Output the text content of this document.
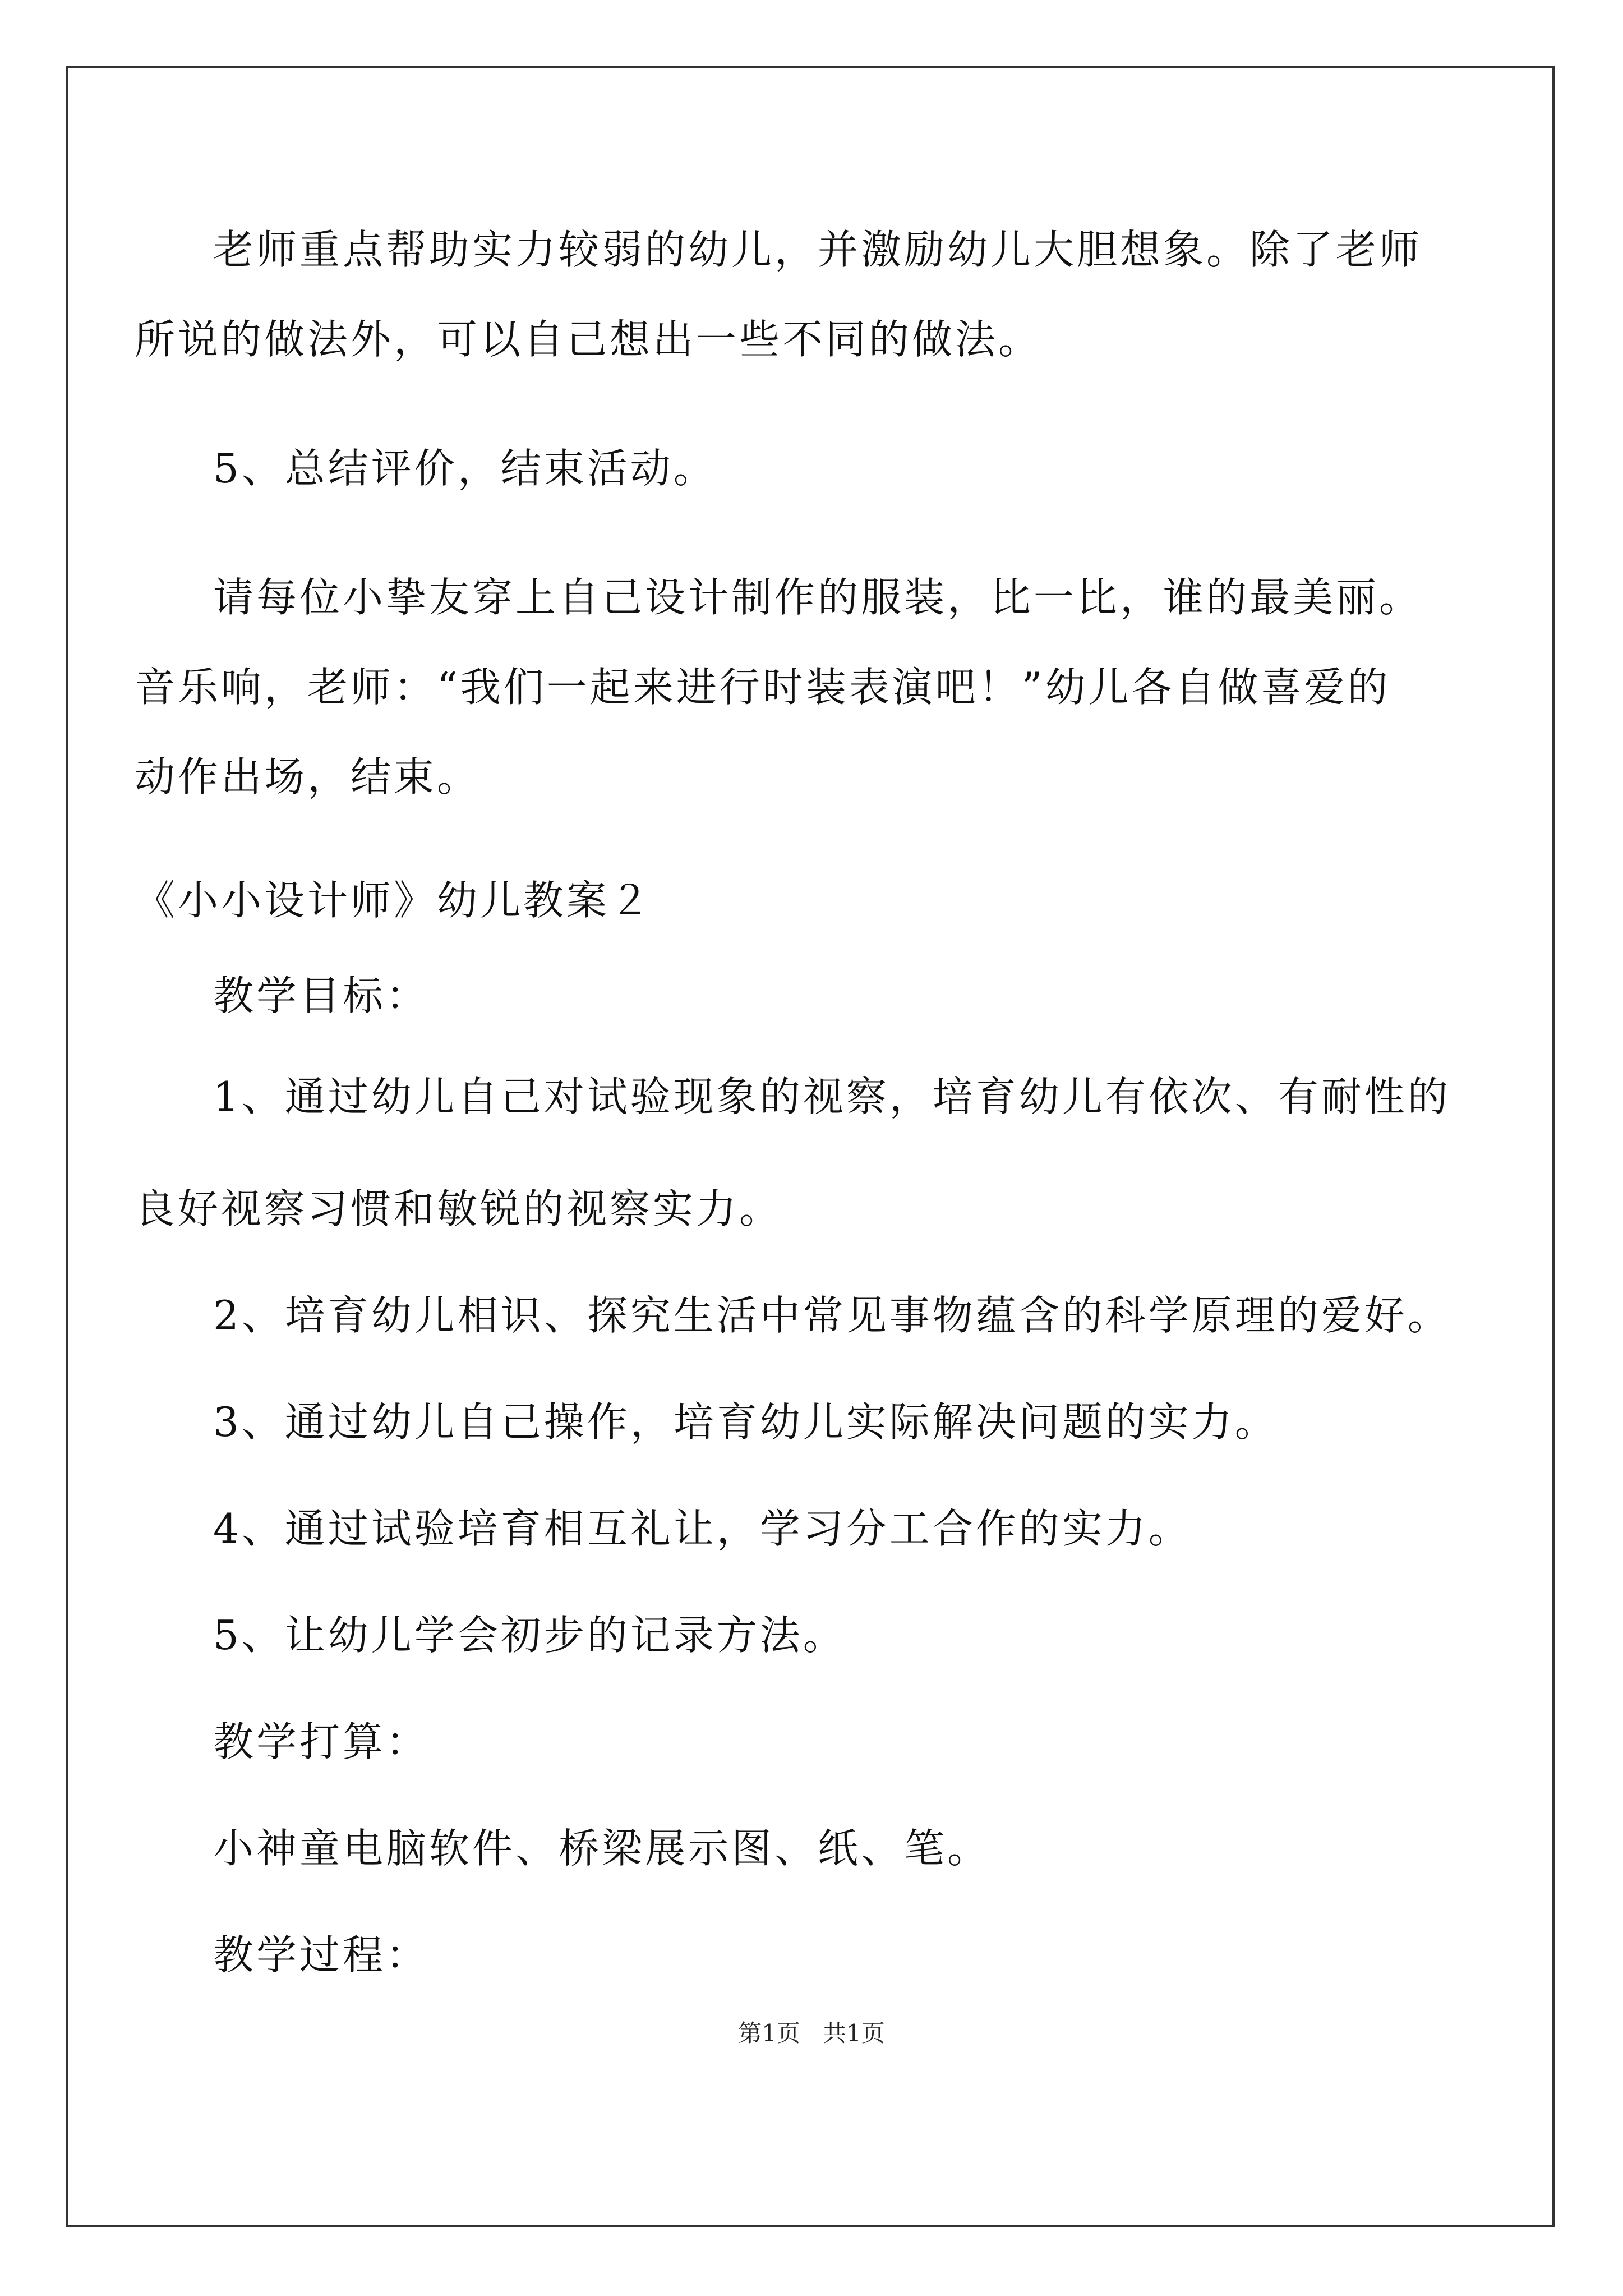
老师重点帮助实力较弱的幼儿，并激励幼儿大胆想象。除了老师

所说的做法外，可以自己想出一些不同的做法。

5、总结评价，结束活动。

请每位小挚友穿上自己设计制作的服装，比一比，谁的最美丽。

音乐响，老师：“我们一起来进行时装表演吧！”幼儿各自做喜爱的

动作出场，结束。

《小小设计师》幼儿教案２

教学目标：

1、通过幼儿自己对试验现象的视察，培育幼儿有依次、有耐性的

良好视察习惯和敏锐的视察实力。

2、培育幼儿相识、探究生活中常见事物蕴含的科学原理的爱好。

3、通过幼儿自己操作，培育幼儿实际解决问题的实力。

4、通过试验培育相互礼让，学习分工合作的实力。

5、让幼儿学会初步的记录方法。

教学打算：

小神童电脑软件、桥梁展示图、纸、笔。

教学过程：

第1页 共1页
